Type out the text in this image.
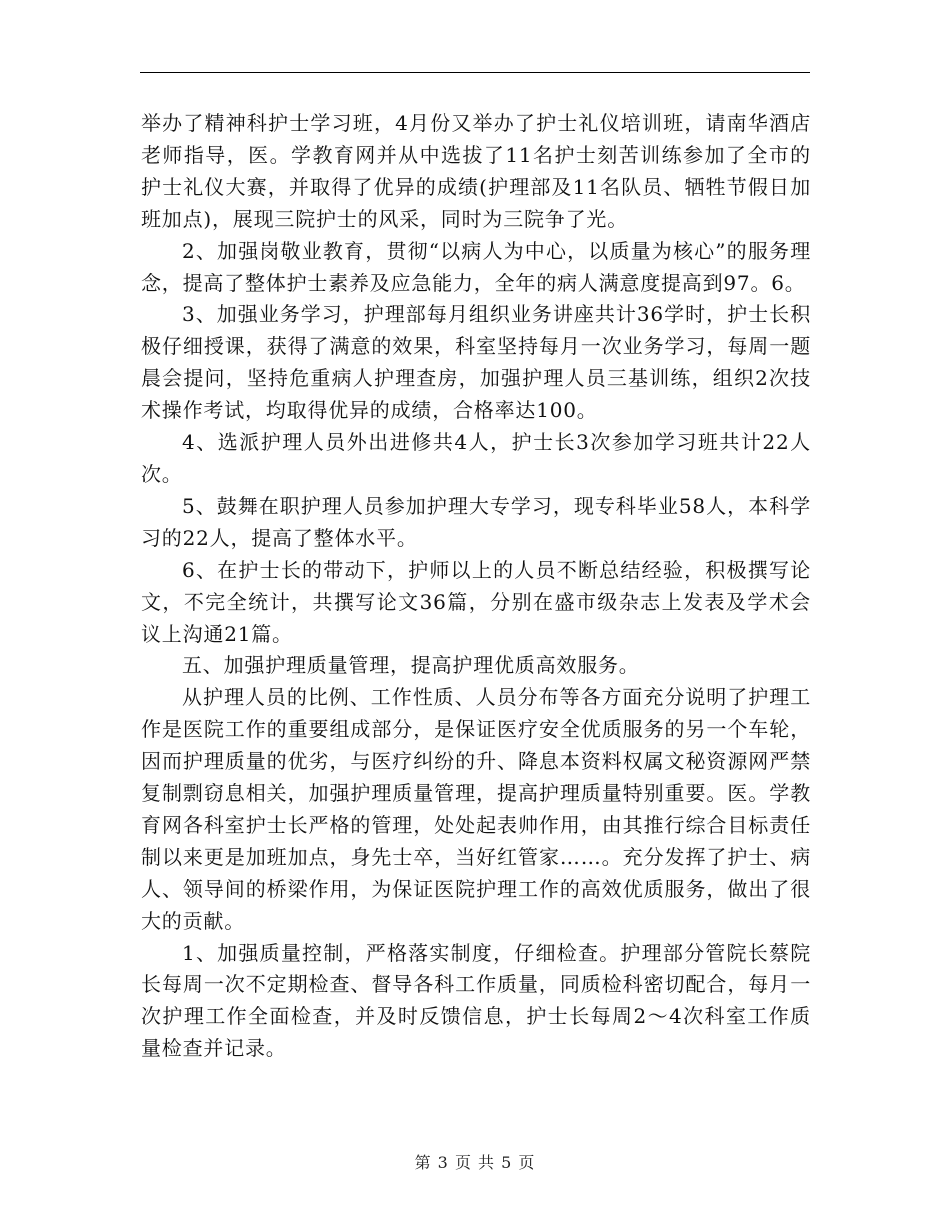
举办了精神科护士学习班，4月份又举办了护士礼仪培训班，请南华酒店老师指导，医。学教育网并从中选拔了11名护士刻苦训练参加了全市的护士礼仪大赛，并取得了优异的成绩(护理部及11名队员、牺牲节假日加班加点)，展现三院护士的风采，同时为三院争了光。

2、加强岗敬业教育，贯彻“以病人为中心，以质量为核心”的服务理念，提高了整体护士素养及应急能力，全年的病人满意度提高到97。6。

3、加强业务学习，护理部每月组织业务讲座共计36学时，护士长积极仔细授课，获得了满意的效果，科室坚持每月一次业务学习，每周一题晨会提问，坚持危重病人护理查房，加强护理人员三基训练，组织2次技术操作考试，均取得优异的成绩，合格率达100。

4、选派护理人员外出进修共4人，护士长3次参加学习班共计22人次。

5、鼓舞在职护理人员参加护理大专学习，现专科毕业58人，本科学习的22人，提高了整体水平。

6、在护士长的带动下，护师以上的人员不断总结经验，积极撰写论文，不完全统计，共撰写论文36篇，分别在盛市级杂志上发表及学术会议上沟通21篇。

五、加强护理质量管理，提高护理优质高效服务。

从护理人员的比例、工作性质、人员分布等各方面充分说明了护理工作是医院工作的重要组成部分，是保证医疗安全优质服务的另一个车轮，因而护理质量的优劣，与医疗纠纷的升、降息本资料权属文秘资源网严禁复制剽窃息相关，加强护理质量管理，提高护理质量特别重要。医。学教育网各科室护士长严格的管理，处处起表帅作用，由其推行综合目标责任制以来更是加班加点，身先士卒，当好红管家……。充分发挥了护士、病人、领导间的桥梁作用，为保证医院护理工作的高效优质服务，做出了很大的贡献。

1、加强质量控制，严格落实制度，仔细检查。护理部分管院长蔡院长每周一次不定期检查、督导各科工作质量，同质检科密切配合，每月一次护理工作全面检查，并及时反馈信息，护士长每周2～4次科室工作质量检查并记录。

第 3 页 共 5 页
